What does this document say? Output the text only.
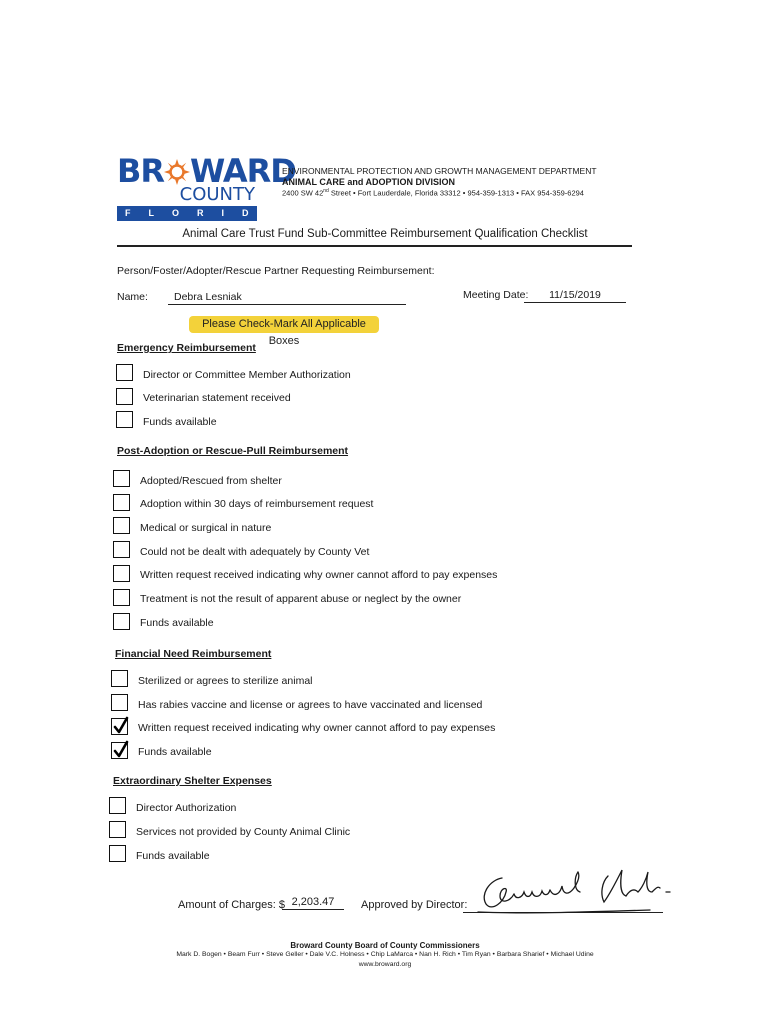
BR WARD
COUNTY
FLORIDA
ENVIRONMENTAL PROTECTION AND GROWTH MANAGEMENT DEPARTMENT
ANIMAL CARE and ADOPTION DIVISION
2400 SW 42nd Street • Fort Lauderdale, Florida 33312 • 954-359-1313 • FAX 954-359-6294
Animal Care Trust Fund Sub-Committee Reimbursement Qualification Checklist
Person/Foster/Adopter/Rescue Partner Requesting Reimbursement:
Name:	Debra Lesniak	Meeting Date:	11/15/2019
Please Check-Mark All Applicable Boxes
Emergency Reimbursement
Director or Committee Member Authorization
Veterinarian statement received
Funds available
Post-Adoption or Rescue-Pull Reimbursement
Adopted/Rescued from shelter
Adoption within 30 days of reimbursement request
Medical or surgical in nature
Could not be dealt with adequately by County Vet
Written request received indicating why owner cannot afford to pay expenses
Treatment is not the result of apparent abuse or neglect by the owner
Funds available
Financial Need Reimbursement
Sterilized or agrees to sterilize animal
Has rabies vaccine and license or agrees to have vaccinated and licensed
Written request received indicating why owner cannot afford to pay expenses
Funds available
Extraordinary Shelter Expenses
Director Authorization
Services not provided by County Animal Clinic
Funds available
Amount of Charges: $ 2,203.47	Approved by Director:
Broward County Board of County Commissioners
Mark D. Bogen • Beam Furr • Steve Geller • Dale V.C. Holness • Chip LaMarca • Nan H. Rich • Tim Ryan • Barbara Sharief • Michael Udine
www.broward.org
